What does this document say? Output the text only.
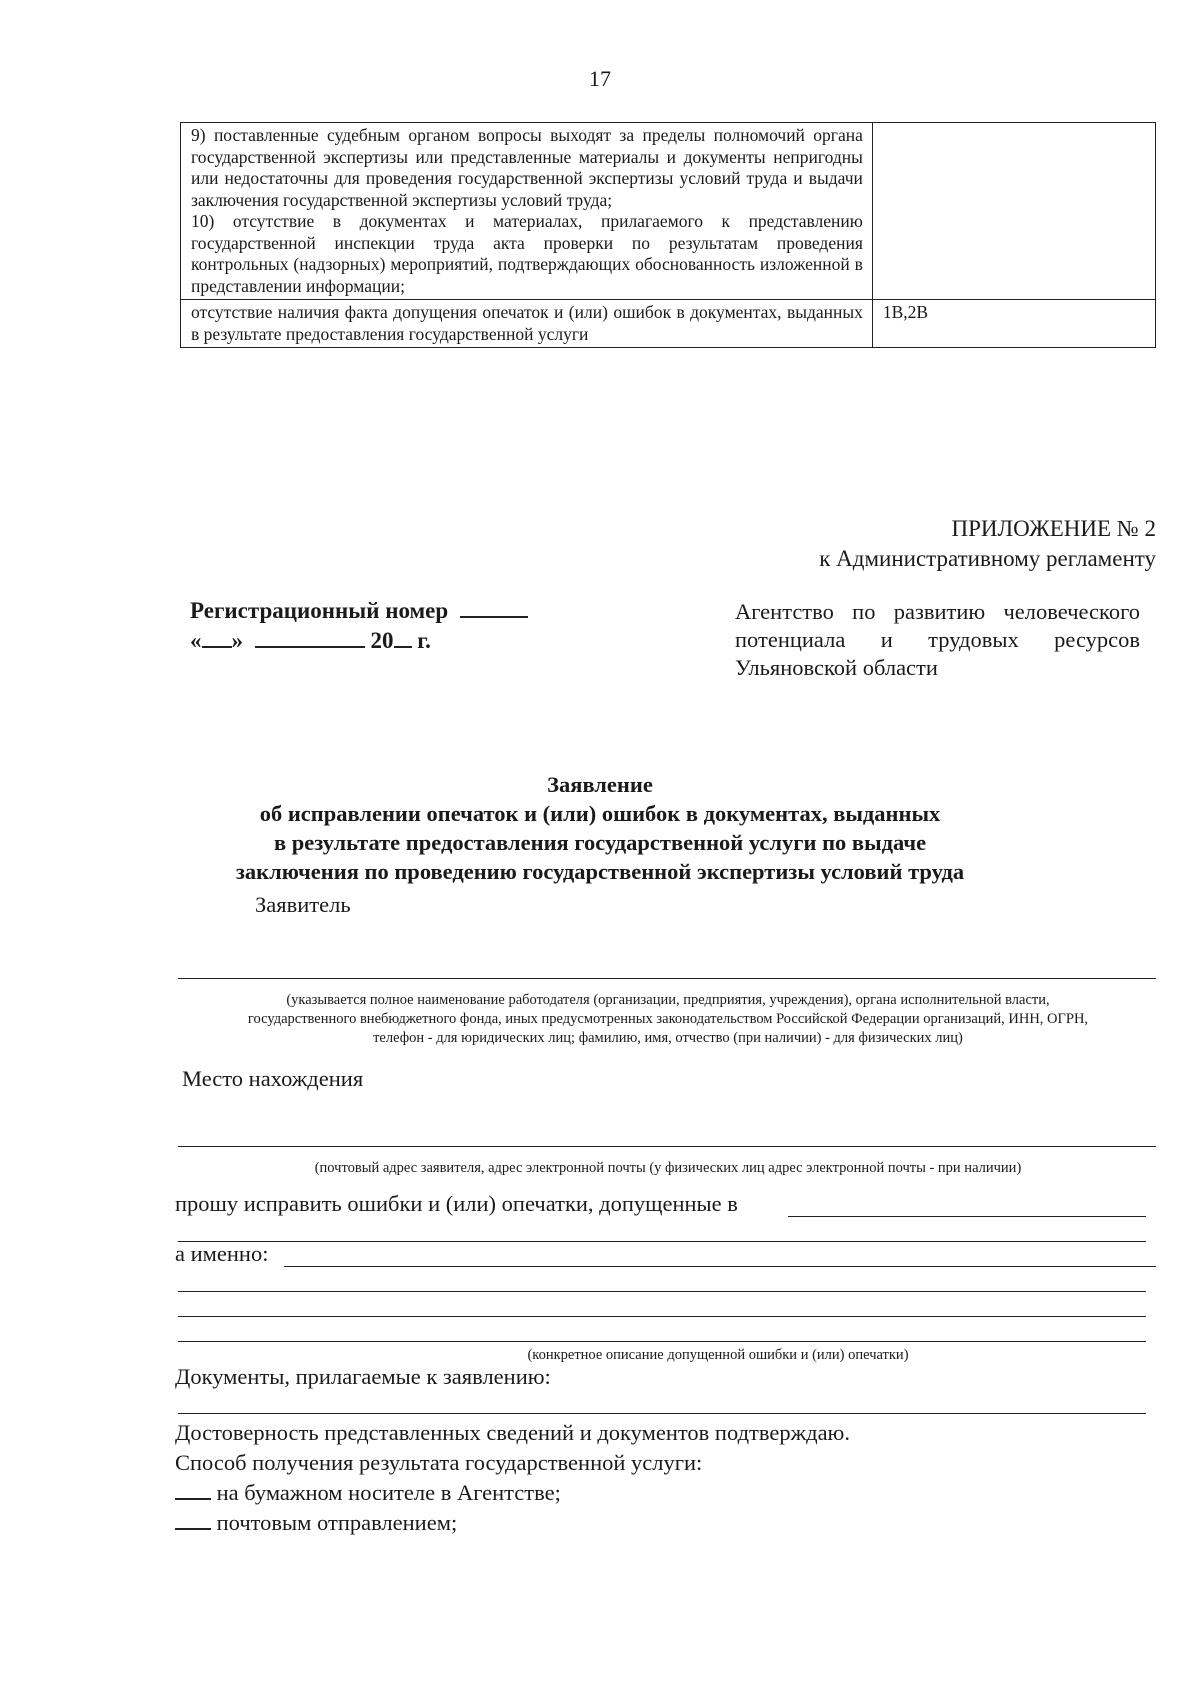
17
9) поставленные судебным органом вопросы выходят за пределы полномочий органа государственной экспертизы или представленные материалы и документы непригодны или недостаточны для проведения государственной экспертизы условий труда и выдачи заключения государственной экспертизы условий труда;
10) отсутствие в документах и материалах, прилагаемого к представлению государственной инспекции труда акта проверки по результатам проведения контрольных (надзорных) мероприятий, подтверждающих обоснованность изложенной в представлении информации;	

отсутствие наличия факта допущения опечаток и (или) ошибок в документах, выданных в результате предоставления государственной услуги	1В,2В
ПРИЛОЖЕНИЕ № 2
к Административному регламенту
Регистрационный номер
« »	20 г.
Агентство по развитию человеческого
потенциала и трудовых ресурсов
Ульяновской области
Заявление
об исправлении опечаток и (или) ошибок в документах, выданных
в результате предоставления государственной услуги по выдаче
заключения по проведению государственной экспертизы условий труда
Заявитель
(указывается полное наименование работодателя (организации, предприятия, учреждения), органа исполнительной власти,
государственного внебюджетного фонда, иных предусмотренных законодательством Российской Федерации организаций, ИНН, ОГРН,
телефон - для юридических лиц; фамилию, имя, отчество (при наличии) - для физических лиц)
Место нахождения
(почтовый адрес заявителя, адрес электронной почты (у физических лиц адрес электронной почты - при наличии)
прошу исправить ошибки и (или) опечатки, допущенные в
а именно:
(конкретное описание допущенной ошибки и (или) опечатки)
Документы, прилагаемые к заявлению:
Достоверность представленных сведений и документов подтверждаю.
Способ получения результата государственной услуги:
на бумажном носителе в Агентстве;
почтовым отправлением;
